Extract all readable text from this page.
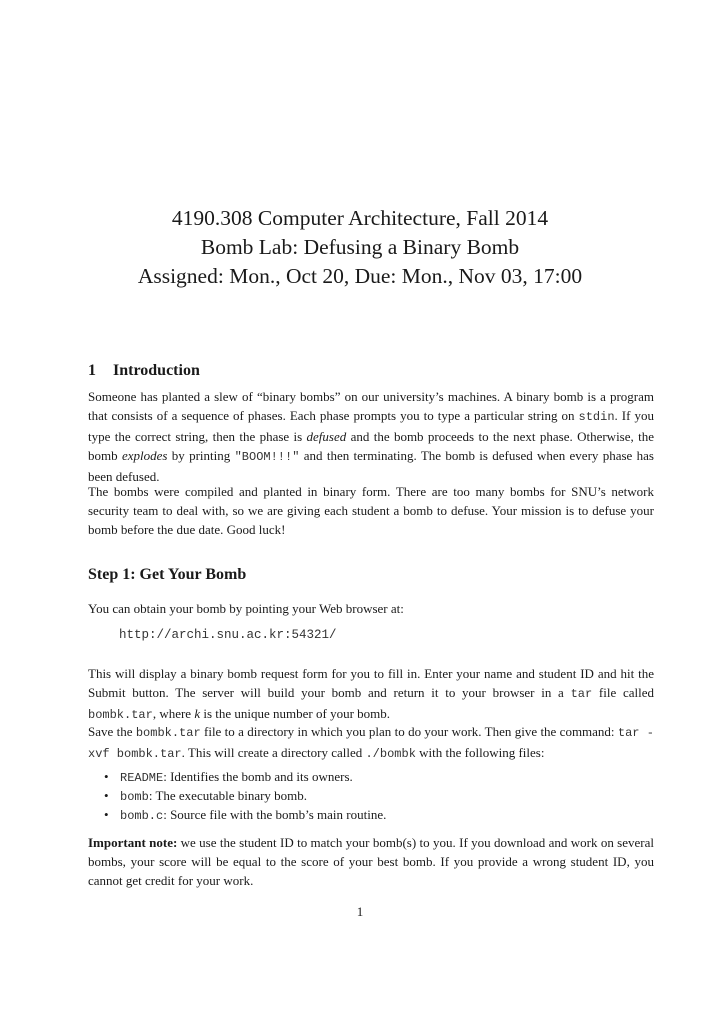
4190.308 Computer Architecture, Fall 2014
Bomb Lab: Defusing a Binary Bomb
Assigned: Mon., Oct 20, Due: Mon., Nov 03, 17:00
1 Introduction

Someone has planted a slew of “binary bombs” on our university’s machines. A binary bomb is a program that consists of a sequence of phases. Each phase prompts you to type a particular string on stdin. If you type the correct string, then the phase is defused and the bomb proceeds to the next phase. Otherwise, the bomb explodes by printing "BOOM!!!" and then terminating. The bomb is defused when every phase has been defused.

The bombs were compiled and planted in binary form. There are too many bombs for SNU’s network security team to deal with, so we are giving each student a bomb to defuse. Your mission is to defuse your bomb before the due date. Good luck!

Step 1: Get Your Bomb

You can obtain your bomb by pointing your Web browser at:

http://archi.snu.ac.kr:54321/

This will display a binary bomb request form for you to fill in. Enter your name and student ID and hit the Submit button. The server will build your bomb and return it to your browser in a tar file called bombk.tar, where k is the unique number of your bomb.

Save the bombk.tar file to a directory in which you plan to do your work. Then give the command: tar -xvf bombk.tar. This will create a directory called ./bombk with the following files:

• README: Identifies the bomb and its owners.
• bomb: The executable binary bomb.
• bomb.c: Source file with the bomb’s main routine.

Important note: we use the student ID to match your bomb(s) to you. If you download and work on several bombs, your score will be equal to the score of your best bomb. If you provide a wrong student ID, you cannot get credit for your work.

1
